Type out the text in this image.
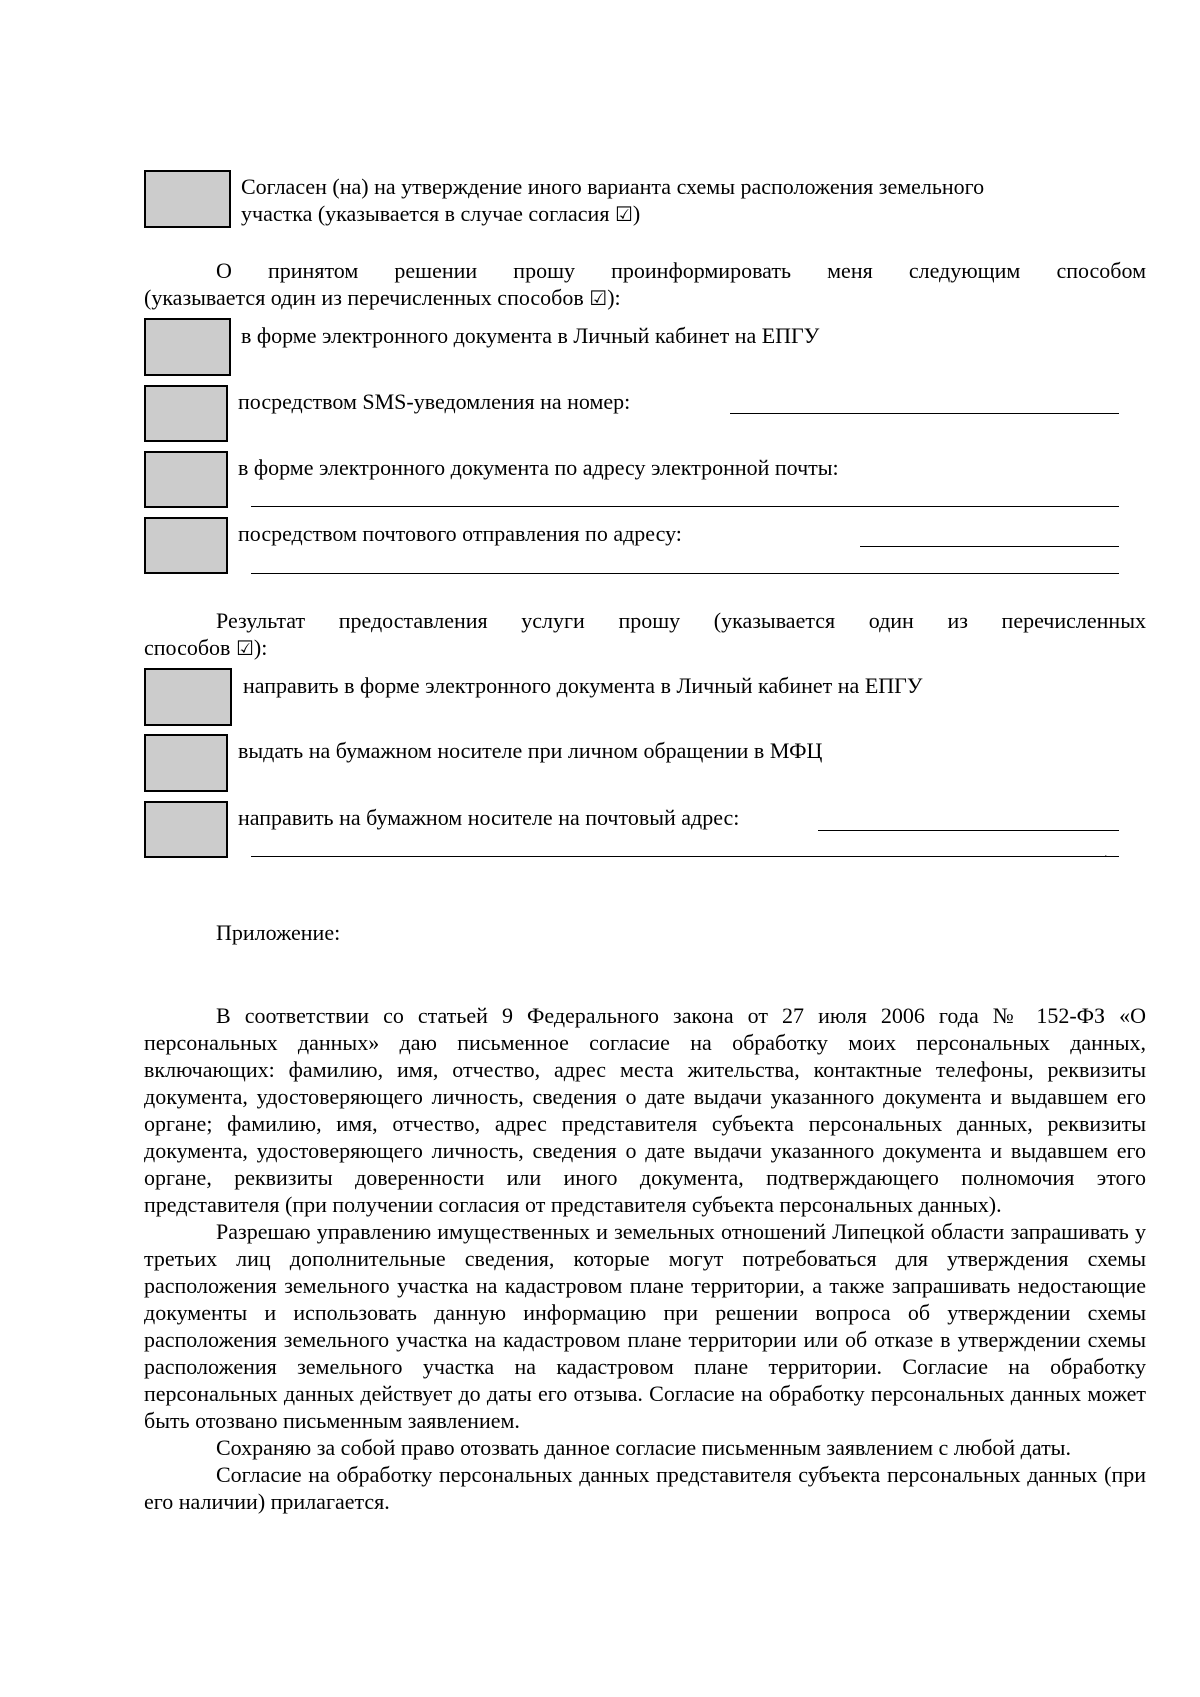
Согласен (на) на утверждение иного варианта схемы расположения земельного
участка (указывается в случае согласия ☑)

О принятом решении прошу проинформировать меня следующим способом

(указывается один из перечисленных способов ☑):

в форме электронного документа в Личный кабинет на ЕПГУ
посредством SMS-уведомления на номер:
в форме электронного документа по адресу электронной почты:
посредством почтового отправления по адресу:

Результат предоставления услуги прошу (указывается один из перечисленных

способов ☑):

направить в форме электронного документа в Личный кабинет на ЕПГУ
выдать на бумажном носителе при личном обращении в МФЦ
направить на бумажном носителе на почтовый адрес:
.
Приложение:

В соответствии со статьей 9 Федерального закона от 27 июля 2006 года № 152-ФЗ «О персональных данных» даю письменное согласие на обработку моих персональных данных, включающих: фамилию, имя, отчество, адрес места жительства, контактные телефоны, реквизиты документа, удостоверяющего личность, сведения о дате выдачи указанного документа и выдавшем его органе; фамилию, имя, отчество, адрес представителя субъекта персональных данных, реквизиты документа, удостоверяющего личность, сведения о дате выдачи указанного документа и выдавшем его органе, реквизиты доверенности или иного документа, подтверждающего полномочия этого представителя (при получении согласия от представителя субъекта персональных данных).

Разрешаю управлению имущественных и земельных отношений Липецкой области запрашивать у третьих лиц дополнительные сведения, которые могут потребоваться для утверждения схемы расположения земельного участка на кадастровом плане территории, а также запрашивать недостающие документы и использовать данную информацию при решении вопроса об утверждении схемы расположения земельного участка на кадастровом плане территории или об отказе в утверждении схемы расположения земельного участка на кадастровом плане территории. Согласие на обработку персональных данных действует до даты его отзыва. Согласие на обработку персональных данных может быть отозвано письменным заявлением.

Сохраняю за собой право отозвать данное согласие письменным заявлением с любой даты.

Согласие на обработку персональных данных представителя субъекта персональных данных (при его наличии) прилагается.
